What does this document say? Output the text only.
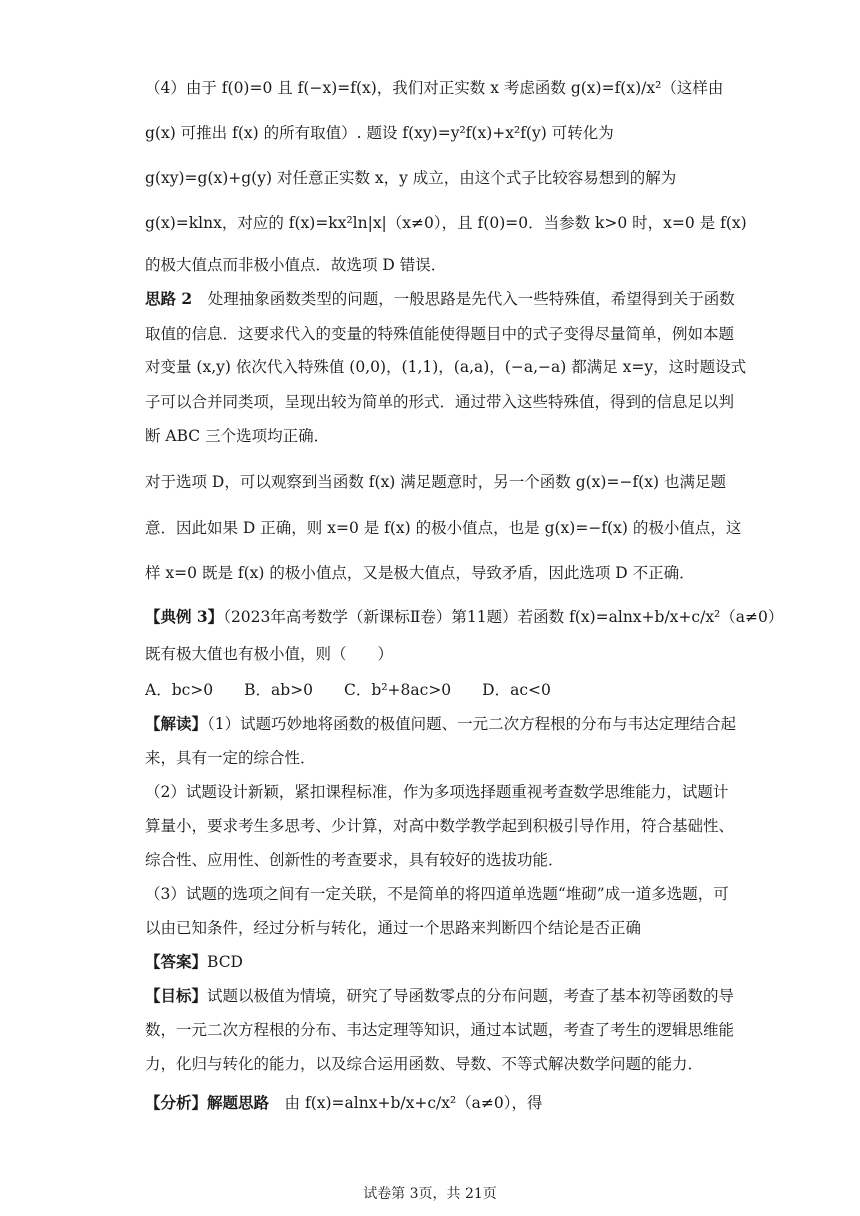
（4）由于 f(0)=0 且 f(−x)=f(x)，我们对正实数 x 考虑函数 g(x)=f(x)/x²（这样由
g(x) 可推出 f(x) 的所有取值）. 题设 f(xy)=y²f(x)+x²f(y) 可转化为
g(xy)=g(x)+g(y) 对任意正实数 x，y 成立，由这个式子比较容易想到的解为
g(x)=klnx，对应的 f(x)=kx²ln|x|（x≠0），且 f(0)=0．当参数 k>0 时，x=0 是 f(x)
的极大值点而非极小值点．故选项 D 错误．
思路 2　 处理抽象函数类型的问题，一般思路是先代入一些特殊值，希望得到关于函数
取值的信息．这要求代入的变量的特殊值能使得题目中的式子变得尽量简单，例如本题
对变量 (x,y) 依次代入特殊值 (0,0)，(1,1)，(a,a)，(−a,−a) 都满足 x=y，这时题设式
子可以合并同类项，呈现出较为简单的形式．通过带入这些特殊值，得到的信息足以判
断 ABC 三个选项均正确．
对于选项 D，可以观察到当函数 f(x) 满足题意时，另一个函数 g(x)=−f(x) 也满足题
意．因此如果 D 正确，则 x=0 是 f(x) 的极小值点，也是 g(x)=−f(x) 的极小值点，这
样 x=0 既是 f(x) 的极小值点，又是极大值点，导致矛盾，因此选项 D 不正确．
【典例 3】（2023年高考数学（新课标Ⅱ卷）第11题）若函数 f(x)=alnx+b/x+c/x²（a≠0）
既有极大值也有极小值，则（　　）
A．bc>0　　B．ab>0　　C．b²+8ac>0　　D．ac<0
【解读】（1）试题巧妙地将函数的极值问题、一元二次方程根的分布与韦达定理结合起
来，具有一定的综合性．
（2）试题设计新颖，紧扣课程标准，作为多项选择题重视考查数学思维能力，试题计
算量小，要求考生多思考、少计算，对高中数学教学起到积极引导作用，符合基础性、
综合性、应用性、创新性的考查要求，具有较好的选拔功能．
（3）试题的选项之间有一定关联，不是简单的将四道单选题“堆砌”成一道多选题，可
以由已知条件，经过分析与转化，通过一个思路来判断四个结论是否正确
【答案】BCD
【目标】试题以极值为情境，研究了导函数零点的分布问题，考查了基本初等函数的导
数，一元二次方程根的分布、韦达定理等知识，通过本试题，考查了考生的逻辑思维能
力，化归与转化的能力，以及综合运用函数、导数、不等式解决数学问题的能力．
【分析】解题思路　 由 f(x)=alnx+b/x+c/x²（a≠0），得
试卷第 3页，共 21页
